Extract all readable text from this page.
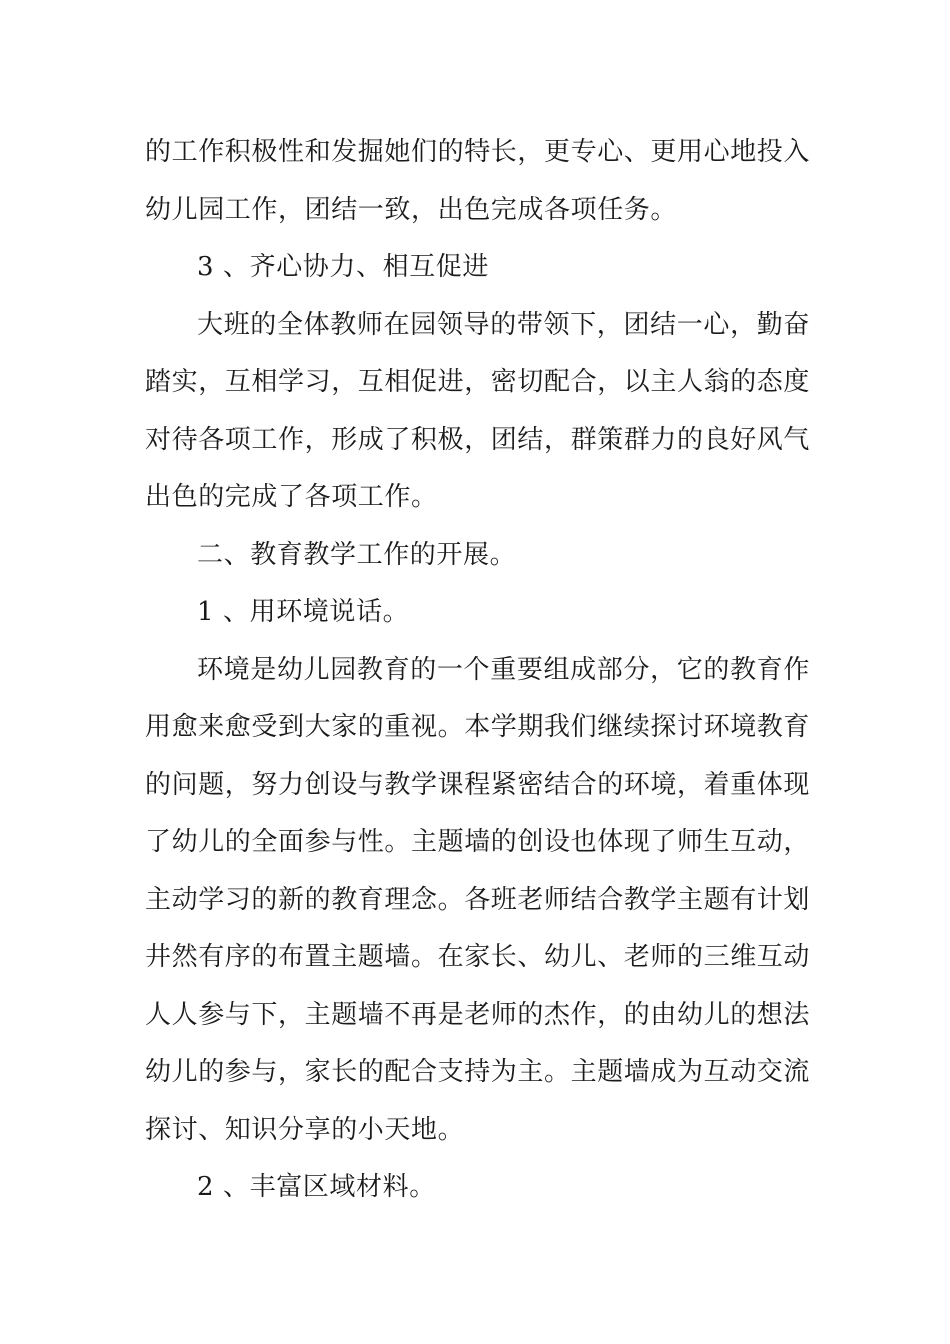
的工作积极性和发掘她们的特长，更专心、更用心地投入
幼儿园工作，团结一致，出色完成各项任务。
3 、齐心协力、相互促进
大班的全体教师在园领导的带领下，团结一心，勤奋
踏实，互相学习，互相促进，密切配合，以主人翁的态度
对待各项工作，形成了积极，团结，群策群力的良好风气
出色的完成了各项工作。
二、教育教学工作的开展。
1 、用环境说话。
环境是幼儿园教育的一个重要组成部分，它的教育作
用愈来愈受到大家的重视。本学期我们继续探讨环境教育
的问题，努力创设与教学课程紧密结合的环境，着重体现
了幼儿的全面参与性。主题墙的创设也体现了师生互动，
主动学习的新的教育理念。各班老师结合教学主题有计划
井然有序的布置主题墙。在家长、幼儿、老师的三维互动
人人参与下，主题墙不再是老师的杰作，的由幼儿的想法
幼儿的参与，家长的配合支持为主。主题墙成为互动交流
探讨、知识分享的小天地。
2 、丰富区域材料。
